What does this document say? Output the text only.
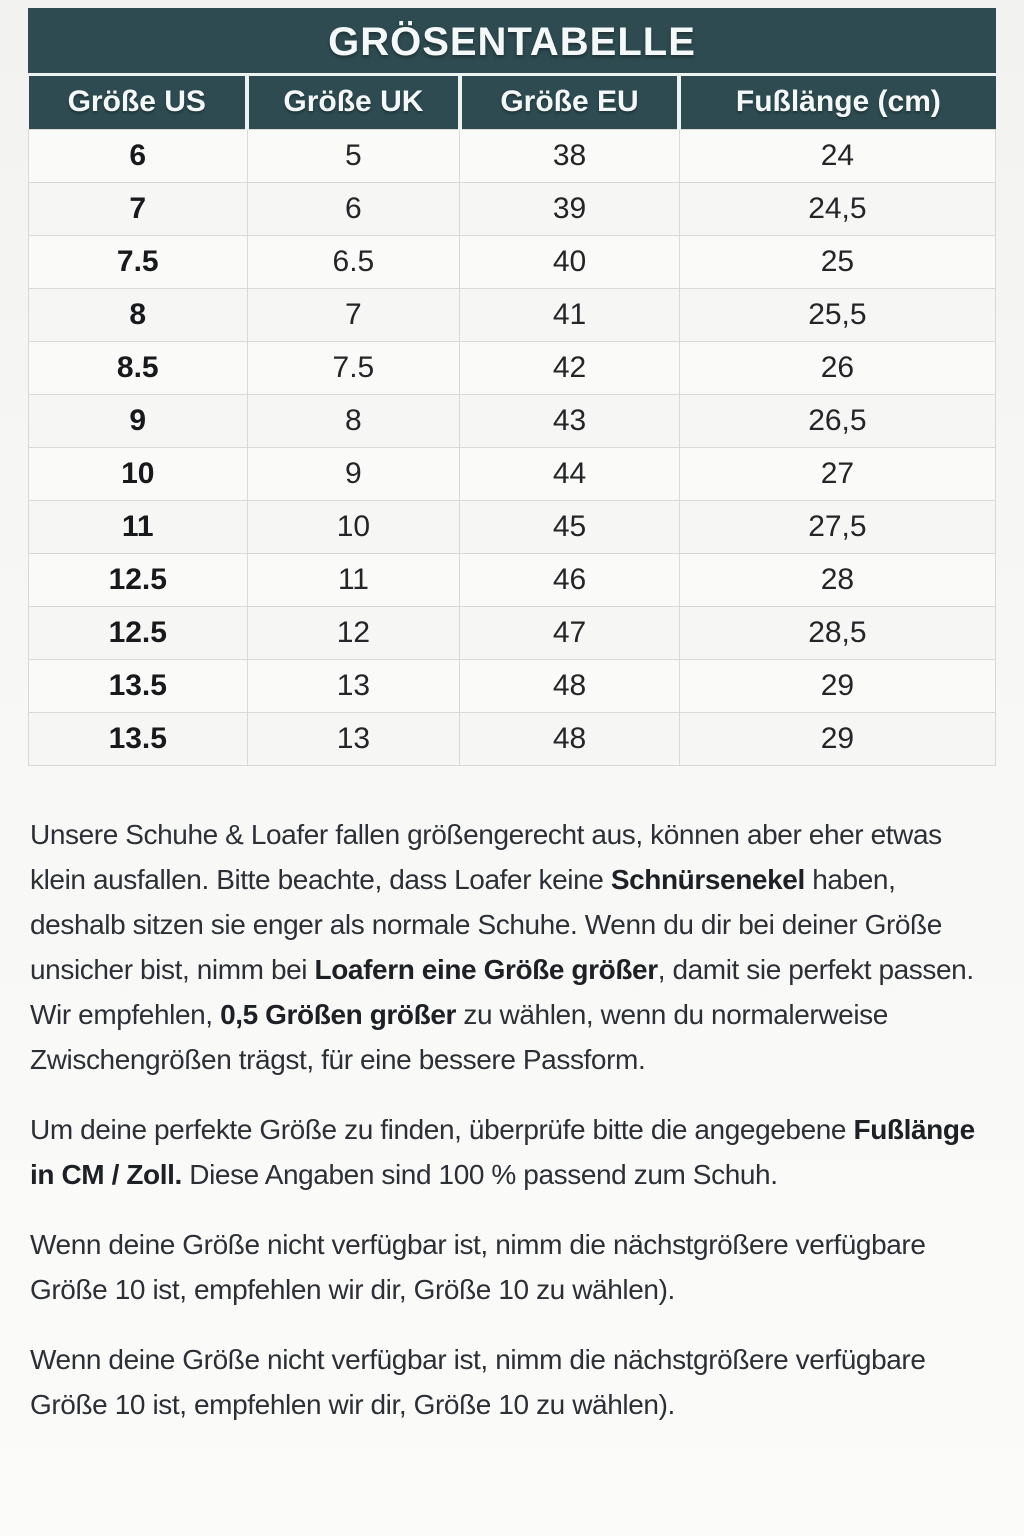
GRÖSENTABELLE
Größe US	Größe UK	Größe EU	Fußlänge (cm)
6	5	38	24
7	6	39	24,5
7.5	6.5	40	25
8	7	41	25,5
8.5	7.5	42	26
9	8	43	26,5
10	9	44	27
11	10	45	27,5
12.5	11	46	28
12.5	12	47	28,5
13.5	13	48	29
13.5	13	48	29

Unsere Schuhe & Loafer fallen größengerecht aus, können aber eher etwas klein ausfallen. Bitte beachte, dass Loafer keine Schnürsenekel haben, deshalb sitzen sie enger als normale Schuhe. Wenn du dir bei deiner Größe unsicher bist, nimm bei Loafern eine Größe größer, damit sie perfekt passen. Wir empfehlen, 0,5 Größen größer zu wählen, wenn du normalerweise Zwischengrößen trägst, für eine bessere Passform.

Um deine perfekte Größe zu finden, überprüfe bitte die angegebene Fußlänge in CM / Zoll. Diese Angaben sind 100 % passend zum Schuh.

Wenn deine Größe nicht verfügbar ist, nimm die nächstgrößere verfügbare Größe 10 ist, empfehlen wir dir, Größe 10 zu wählen).

Wenn deine Größe nicht verfügbar ist, nimm die nächstgrößere verfügbare Größe 10 ist, empfehlen wir dir, Größe 10 zu wählen).
